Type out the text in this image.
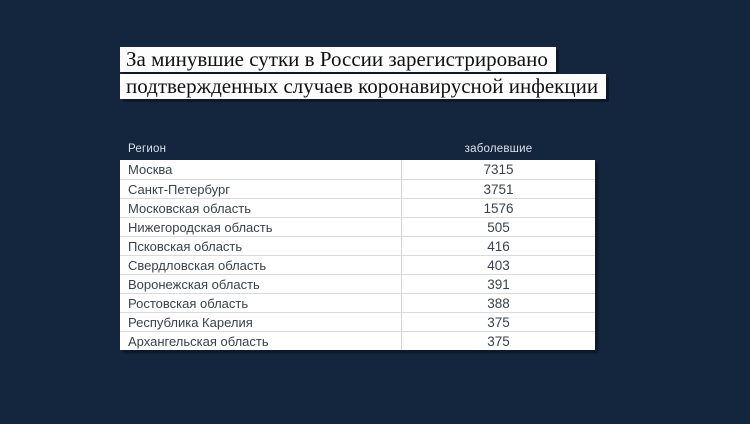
За минувшие сутки в России зарегистрировано
подтвержденных случаев коронавирусной инфекции
Регион	заболевшие
Москва	7315
Санкт-Петербург	3751
Московская область	1576
Нижегородская область	505
Псковская область	416
Свердловская область	403
Воронежская область	391
Ростовская область	388
Республика Карелия	375
Архангельская область	375
